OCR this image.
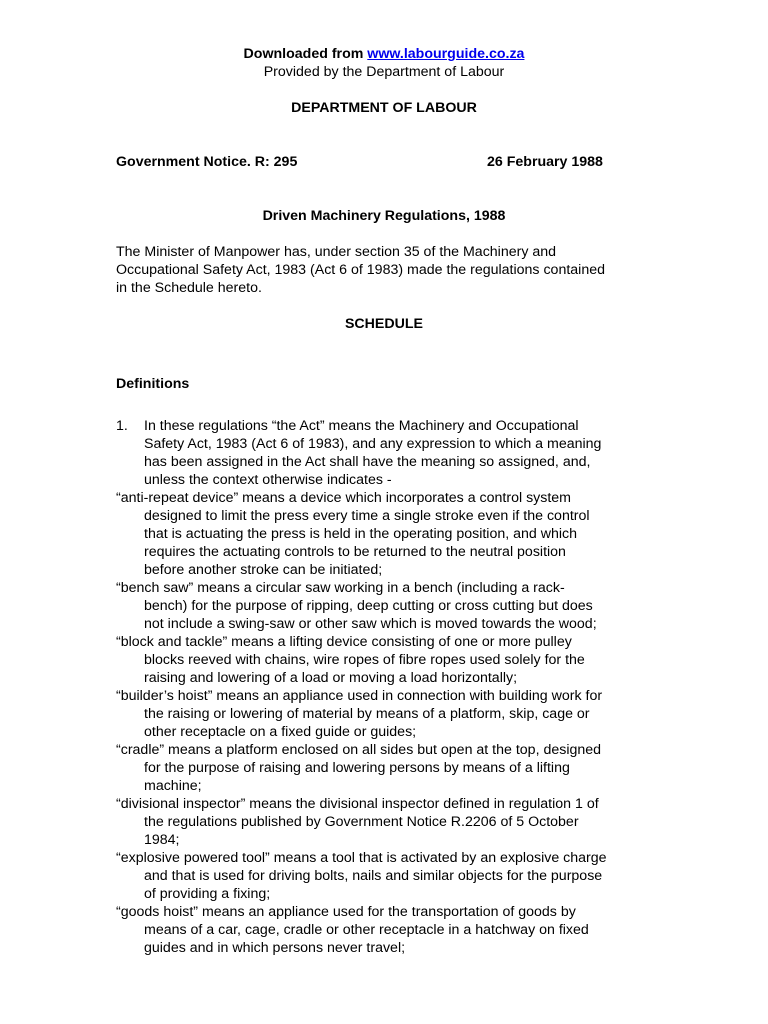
Downloaded from www.labourguide.co.za
Provided by the Department of Labour
DEPARTMENT OF LABOUR
Government Notice. R: 295	26 February 1988
Driven Machinery Regulations, 1988
The Minister of Manpower has, under section 35 of the Machinery and
Occupational Safety Act, 1983 (Act 6 of 1983) made the regulations contained
in the Schedule hereto.
SCHEDULE
Definitions
1. In these regulations “the Act” means the Machinery and Occupational
Safety Act, 1983 (Act 6 of 1983), and any expression to which a meaning
has been assigned in the Act shall have the meaning so assigned, and,
unless the context otherwise indicates -
“anti-repeat device” means a device which incorporates a control system
designed to limit the press every time a single stroke even if the control
that is actuating the press is held in the operating position, and which
requires the actuating controls to be returned to the neutral position
before another stroke can be initiated;
“bench saw” means a circular saw working in a bench (including a rack-
bench) for the purpose of ripping, deep cutting or cross cutting but does
not include a swing-saw or other saw which is moved towards the wood;
“block and tackle” means a lifting device consisting of one or more pulley
blocks reeved with chains, wire ropes of fibre ropes used solely for the
raising and lowering of a load or moving a load horizontally;
“builder’s hoist” means an appliance used in connection with building work for
the raising or lowering of material by means of a platform, skip, cage or
other receptacle on a fixed guide or guides;
“cradle” means a platform enclosed on all sides but open at the top, designed
for the purpose of raising and lowering persons by means of a lifting
machine;
“divisional inspector” means the divisional inspector defined in regulation 1 of
the regulations published by Government Notice R.2206 of 5 October
1984;
“explosive powered tool” means a tool that is activated by an explosive charge
and that is used for driving bolts, nails and similar objects for the purpose
of providing a fixing;
“goods hoist” means an appliance used for the transportation of goods by
means of a car, cage, cradle or other receptacle in a hatchway on fixed
guides and in which persons never travel;
